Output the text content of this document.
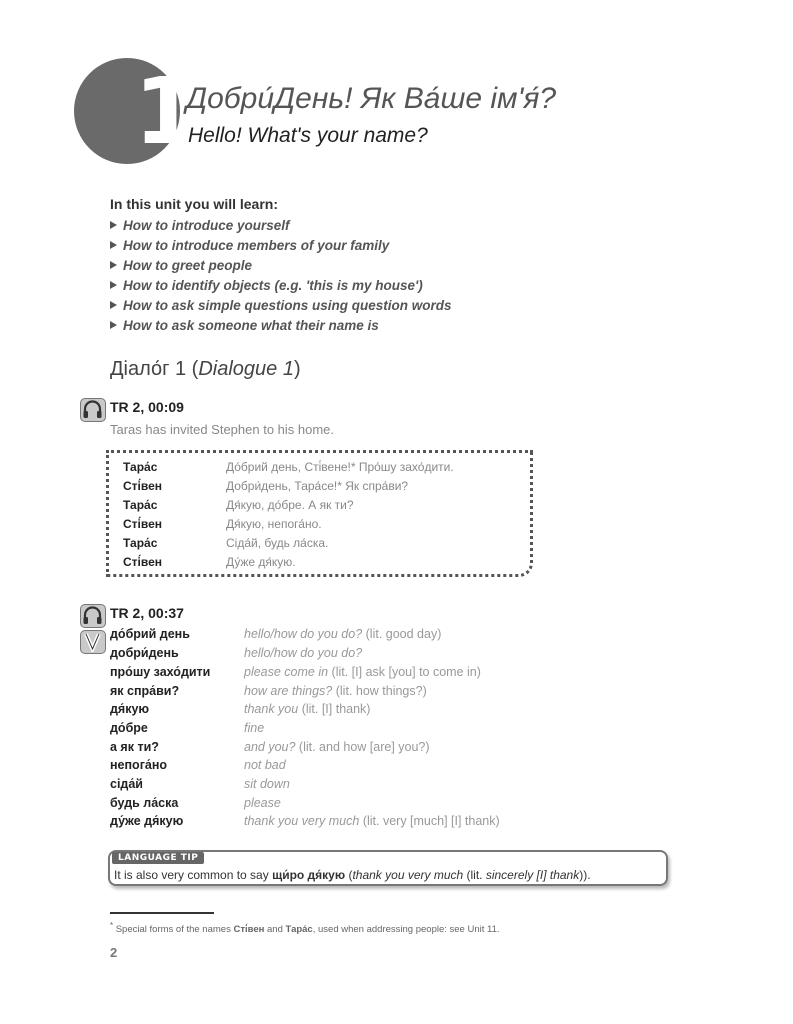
1
Добри́День! Як Ва́ше ім'я́?
Hello! What's your name?
In this unit you will learn:
How to introduce yourself
How to introduce members of your family
How to greet people
How to identify objects (e.g. 'this is my house')
How to ask simple questions using question words
How to ask someone what their name is
Діало́г 1 (Dialogue 1)
TR 2, 00:09
Taras has invited Stephen to his home.
Тара́с	До́брий день, Сті́вене!* Про́шу захо́дити.
Сті́вен	Добри́день, Тара́се!* Як спра́ви?
Тара́с	Дя́кую, до́бре. А як ти?
Сті́вен	Дя́кую, непога́но.
Тара́с	Сіда́й, будь ла́ска.
Сті́вен	Ду́же дя́кую.
TR 2, 00:37
до́брий день	hello/how do you do? (lit. good day)
добри́день	hello/how do you do?
про́шу захо́дити	please come in (lit. [I] ask [you] to come in)
як спра́ви?	how are things? (lit. how things?)
дя́кую	thank you (lit. [I] thank)
до́бре	fine
а як ти?	and you? (lit. and how [are] you?)
непога́но	not bad
сіда́й	sit down
будь ла́ска	please
ду́же дя́кую	thank you very much (lit. very [much] [I] thank)
LANGUAGE TIP
It is also very common to say щи́ро дя́кую (thank you very much (lit. sincerely [I] thank)).
* Special forms of the names Сті́вен and Тара́с, used when addressing people: see Unit 11.
2
